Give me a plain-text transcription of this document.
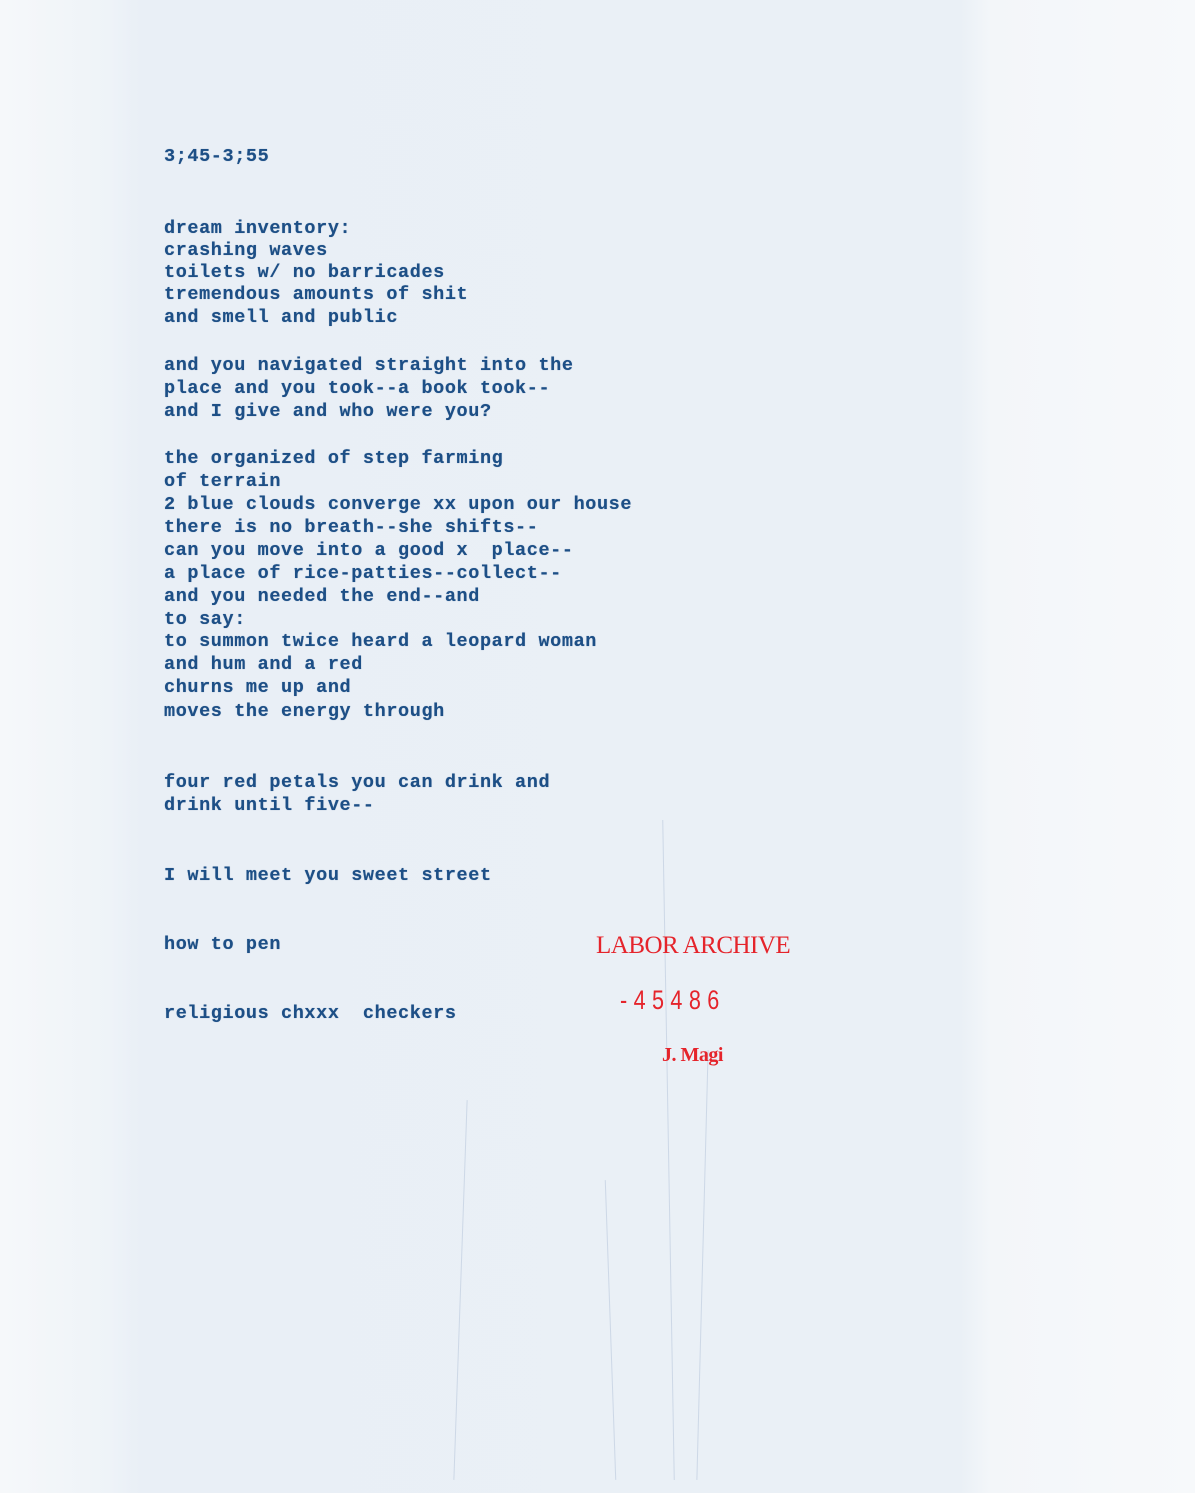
3;45-3;55

dream inventory:

crashing waves

toilets w/ no barricades

tremendous amounts of shit

and smell and public

and you navigated straight into the

place and you took--a book took--

and I give and who were you?

the organized of step farming

of terrain

2 blue clouds converge xx upon our house

there is no breath--she shifts--

can you move into a good x  place--

a place of rice-patties--collect--

and you needed the end--and

to say:

to summon twice heard a leopard woman

and hum and a red

churns me up and

moves the energy through

four red petals you can drink and

drink until five--

I will meet you sweet street

how to pen

religious chxxx  checkers

LABOR ARCHIVE
-45486
J. Magi
